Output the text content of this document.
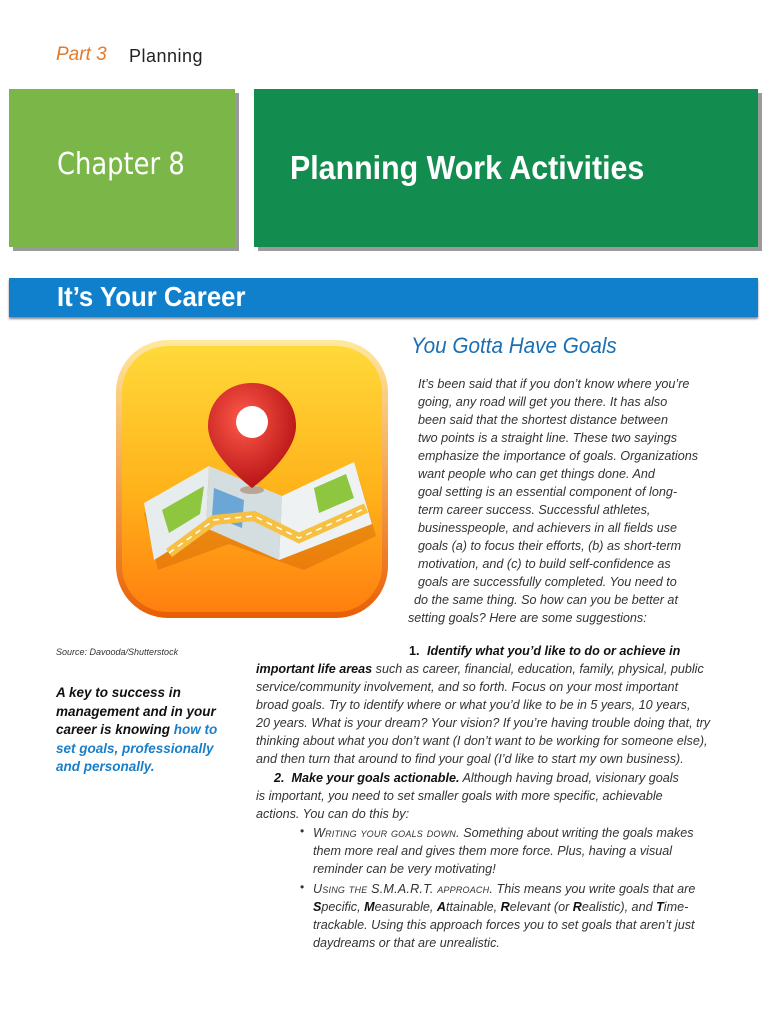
Part 3 Planning
Chapter 8	Planning Work Activities
It’s Your Career
Source: Davooda/Shutterstock
A key to success in management and in your career is knowing how to set goals, professionally and personally.
You Gotta Have Goals
It’s been said that if you don’t know where you’re
going, any road will get you there. It has also
been said that the shortest distance between
two points is a straight line. These two sayings
emphasize the importance of goals. Organizations
want people who can get things done. And
goal setting is an essential component of long-
term career success. Successful athletes,
businesspeople, and achievers in all fields use
goals (a) to focus their efforts, (b) as short-term
motivation, and (c) to build self-confidence as
goals are successfully completed. You need to
do the same thing. So how can you be better at
setting goals? Here are some suggestions:
1. Identify what you’d like to do or achieve in
important life areas such as career, financial, education, family, physical, public
service/community involvement, and so forth. Focus on your most important
broad goals. Try to identify where or what you’d like to be in 5 years, 10 years,
20 years. What is your dream? Your vision? If you’re having trouble doing that, try
thinking about what you don’t want (I don’t want to be working for someone else),
and then turn that around to find your goal (I’d like to start my own business).
2. Make your goals actionable. Although having broad, visionary goals
is important, you need to set smaller goals with more specific, achievable
actions. You can do this by:
• Writing your goals down. Something about writing the goals makes
them more real and gives them more force. Plus, having a visual
reminder can be very motivating!
• Using the S.M.A.R.T. approach. This means you write goals that are
Specific, Measurable, Attainable, Relevant (or Realistic), and Time-
trackable. Using this approach forces you to set goals that aren’t just
daydreams or that are unrealistic.
